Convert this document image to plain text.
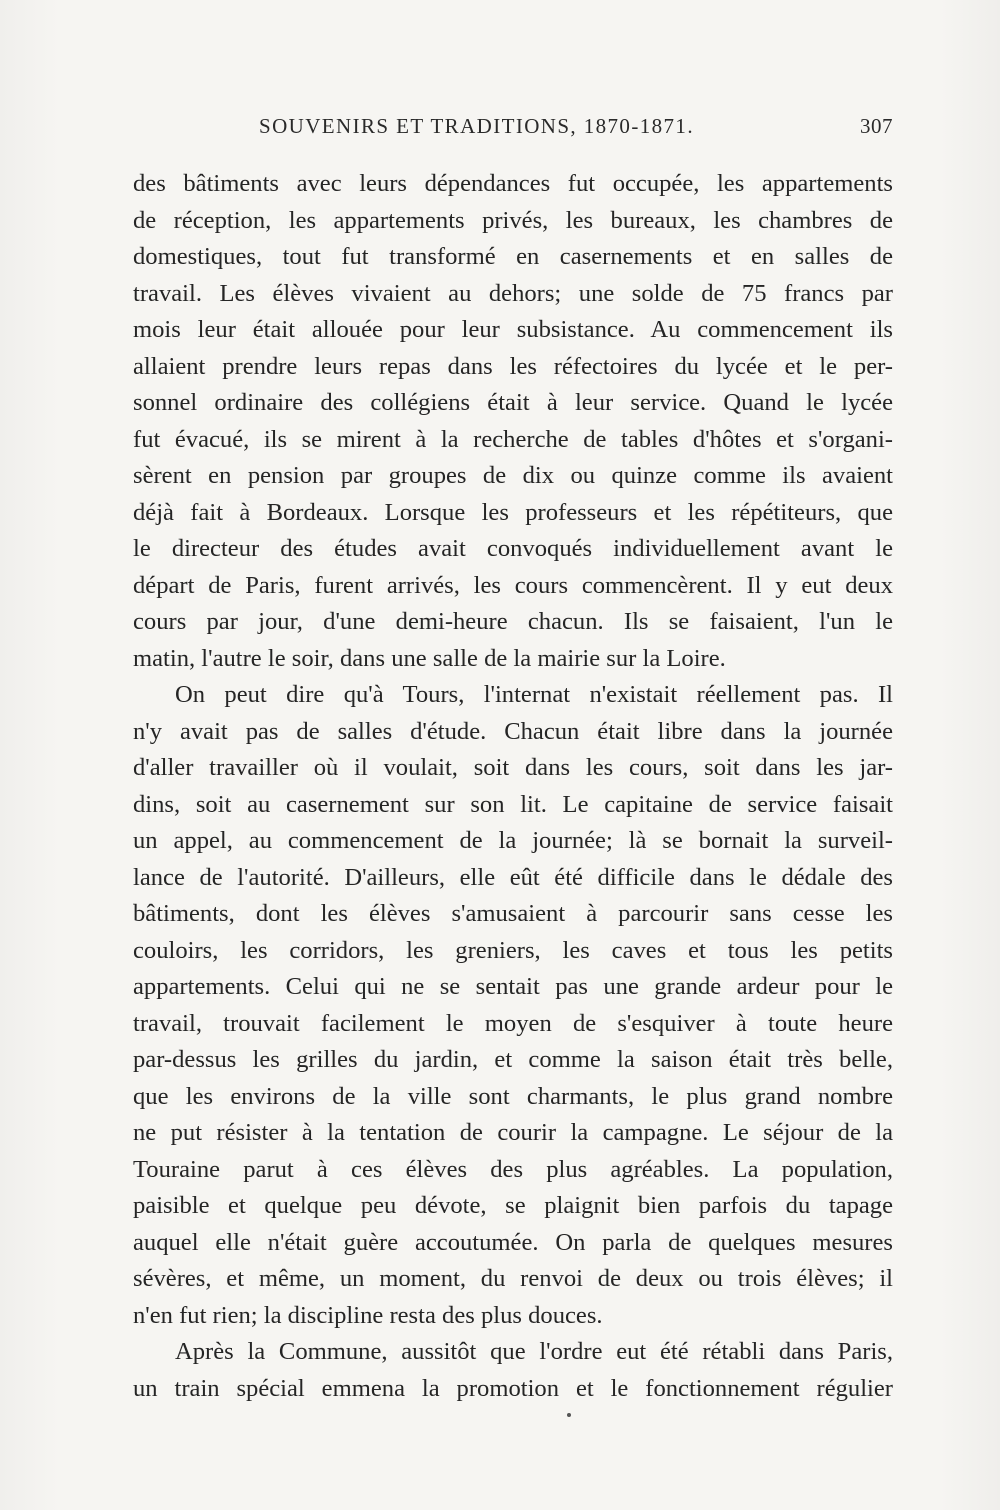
SOUVENIRS ET TRADITIONS, 1870-1871.	307
des bâtiments avec leurs dépendances fut occupée, les appartements
de réception, les appartements privés, les bureaux, les chambres de
domestiques, tout fut transformé en casernements et en salles de
travail. Les élèves vivaient au dehors; une solde de 75 francs par
mois leur était allouée pour leur subsistance. Au commencement ils
allaient prendre leurs repas dans les réfectoires du lycée et le per-
sonnel ordinaire des collégiens était à leur service. Quand le lycée
fut évacué, ils se mirent à la recherche de tables d'hôtes et s'organi-
sèrent en pension par groupes de dix ou quinze comme ils avaient
déjà fait à Bordeaux. Lorsque les professeurs et les répétiteurs, que
le directeur des études avait convoqués individuellement avant le
départ de Paris, furent arrivés, les cours commencèrent. Il y eut deux
cours par jour, d'une demi-heure chacun. Ils se faisaient, l'un le
matin, l'autre le soir, dans une salle de la mairie sur la Loire.
On peut dire qu'à Tours, l'internat n'existait réellement pas. Il
n'y avait pas de salles d'étude. Chacun était libre dans la journée
d'aller travailler où il voulait, soit dans les cours, soit dans les jar-
dins, soit au casernement sur son lit. Le capitaine de service faisait
un appel, au commencement de la journée; là se bornait la surveil-
lance de l'autorité. D'ailleurs, elle eût été difficile dans le dédale des
bâtiments, dont les élèves s'amusaient à parcourir sans cesse les
couloirs, les corridors, les greniers, les caves et tous les petits
appartements. Celui qui ne se sentait pas une grande ardeur pour le
travail, trouvait facilement le moyen de s'esquiver à toute heure
par-dessus les grilles du jardin, et comme la saison était très belle,
que les environs de la ville sont charmants, le plus grand nombre
ne put résister à la tentation de courir la campagne. Le séjour de la
Touraine parut à ces élèves des plus agréables. La population,
paisible et quelque peu dévote, se plaignit bien parfois du tapage
auquel elle n'était guère accoutumée. On parla de quelques mesures
sévères, et même, un moment, du renvoi de deux ou trois élèves; il
n'en fut rien; la discipline resta des plus douces.
Après la Commune, aussitôt que l'ordre eut été rétabli dans Paris,
un train spécial emmena la promotion et le fonctionnement régulier
